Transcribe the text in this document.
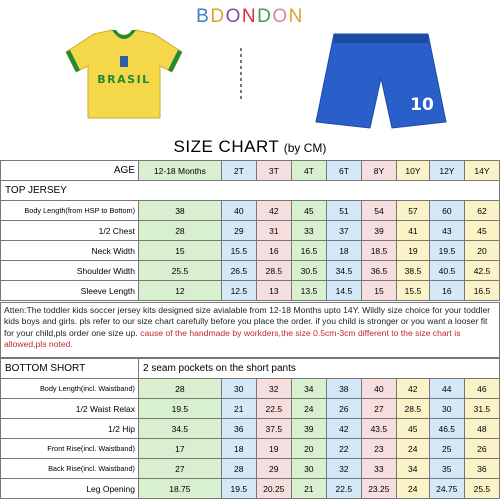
BDONDON
BRASIL
10
SIZE CHART (by CM)
AGE	12-18 Months	2T	3T	4T	6T	8Y	10Y	12Y	14Y
TOP JERSEY									
Body Length(from HSP to Bottom)	38	40	42	45	51	54	57	60	62
1/2 Chest	28	29	31	33	37	39	41	43	45
Neck Width	15	15.5	16	16.5	18	18.5	19	19.5	20
Shoulder Width	25.5	26.5	28.5	30.5	34.5	36.5	38.5	40.5	42.5
Sleeve Length	12	12.5	13	13.5	14.5	15	15.5	16	16.5
Atten:The toddler kids soccer jersey kits designed size avialable from 12-18 Months upto 14Y. Wildly size choice for your toddler kids boys and girls. pls refer to our size chart carefully before you place the order. if you child is stronger or you want a looser fit for your child,pls order one size up. cause of the handmade by workders,the size 0.5cm-3cm different to the size chart is allowed,pls noted.
BOTTOM SHORT	2 seam pockets on the short pants								
Body Length(incl. Waistband)	28	30	32	34	38	40	42	44	46
1/2 Waist Relax	19.5	21	22.5	24	26	27	28.5	30	31.5
1/2 Hip	34.5	36	37.5	39	42	43.5	45	46.5	48
Front Rise(incl. Waistband)	17	18	19	20	22	23	24	25	26
Back Rise(incl. Waistband)	27	28	29	30	32	33	34	35	36
Leg Opening	18.75	19.5	20.25	21	22.5	23.25	24	24.75	25.5
